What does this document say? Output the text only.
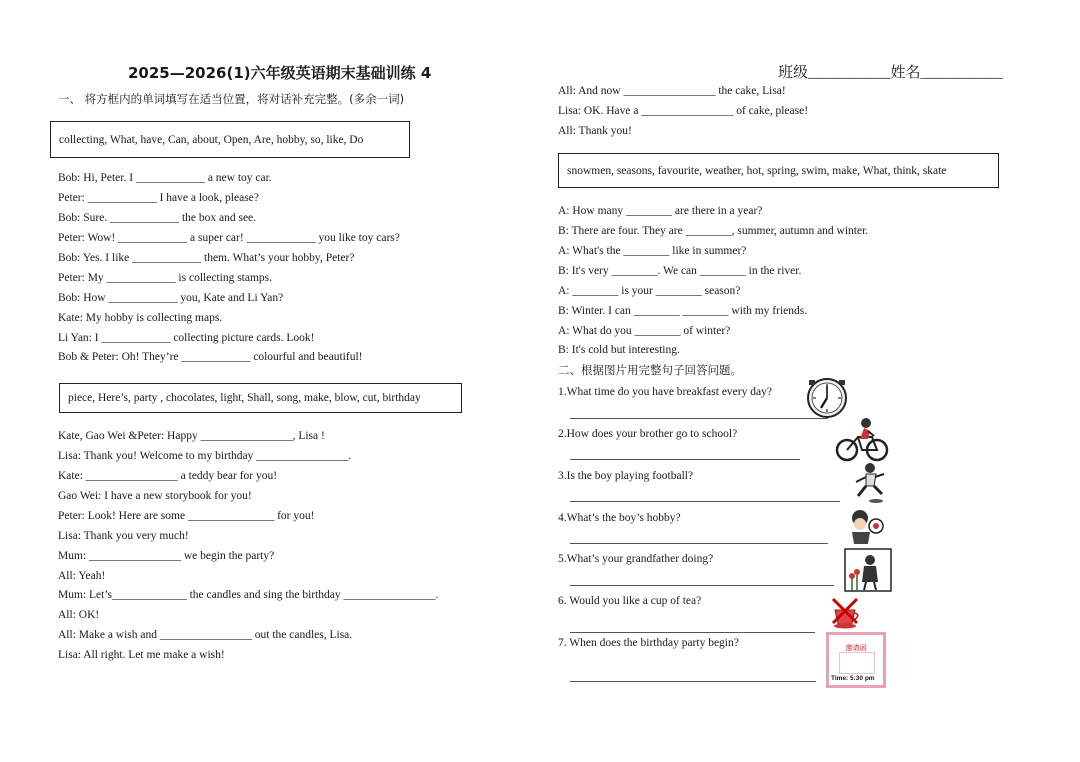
2025—2026(1)六年级英语期末基础训练 4
一、 将方框内的单词填写在适当位置，将对话补充完整。(多余一词)
collecting, What, have, Can, about, Open, Are, hobby, so, like, Do
Bob: Hi, Peter. I ____________ a new toy car.
Peter: ____________ I have a look, please?
Bob: Sure. ____________ the box and see.
Peter: Wow! ____________ a super car! ____________ you like toy cars?
Bob: Yes. I like ____________ them. What’s your hobby, Peter?
Peter: My ____________ is collecting stamps.
Bob: How ____________ you, Kate and Li Yan?
Kate: My hobby is collecting maps.
Li Yan: I ____________ collecting picture cards. Look!
Bob & Peter: Oh! They’re ____________ colourful and beautiful!
piece, Here’s, party , chocolates, light, Shall, song, make, blow, cut, birthday
Kate, Gao Wei &Peter: Happy ________________, Lisa !
Lisa: Thank you! Welcome to my birthday ________________.
Kate: ________________ a teddy bear for you!
Gao Wei: I have a new storybook for you!
Peter: Look! Here are some _______________ for you!
Lisa: Thank you very much!
Mum: ________________ we begin the party?
All: Yeah!
Mum: Let’s_____________ the candles and sing the birthday ________________.
All: OK!
All: Make a wish and ________________ out the candles, Lisa.
Lisa: All right. Let me make a wish!
班级___________姓名___________
All: And now ________________ the cake, Lisa!
Lisa: OK. Have a ________________ of cake, please!
All: Thank you!
snowmen, seasons, favourite, weather, hot, spring, swim, make, What, think, skate
A: How many ________ are there in a year?
B: There are four. They are ________, summer, autumn and winter.
A: What's the ________ like in summer?
B: It's very ________. We can ________ in the river.
A: ________ is your ________ season?
B: Winter. I can ________ ________ with my friends.
A: What do you ________ of winter?
B: It's cold but interesting.
二、根据图片用完整句子回答问题。
1.What time do you have breakfast every day?
2.How does your brother go to school?
3.Is the boy playing football?
4.What’s the boy’s hobby?
5.What’s your grandfather doing?
6. Would you like a cup of tea?
7. When does the birthday party begin?	邀请函
Time: 5:30 pm
